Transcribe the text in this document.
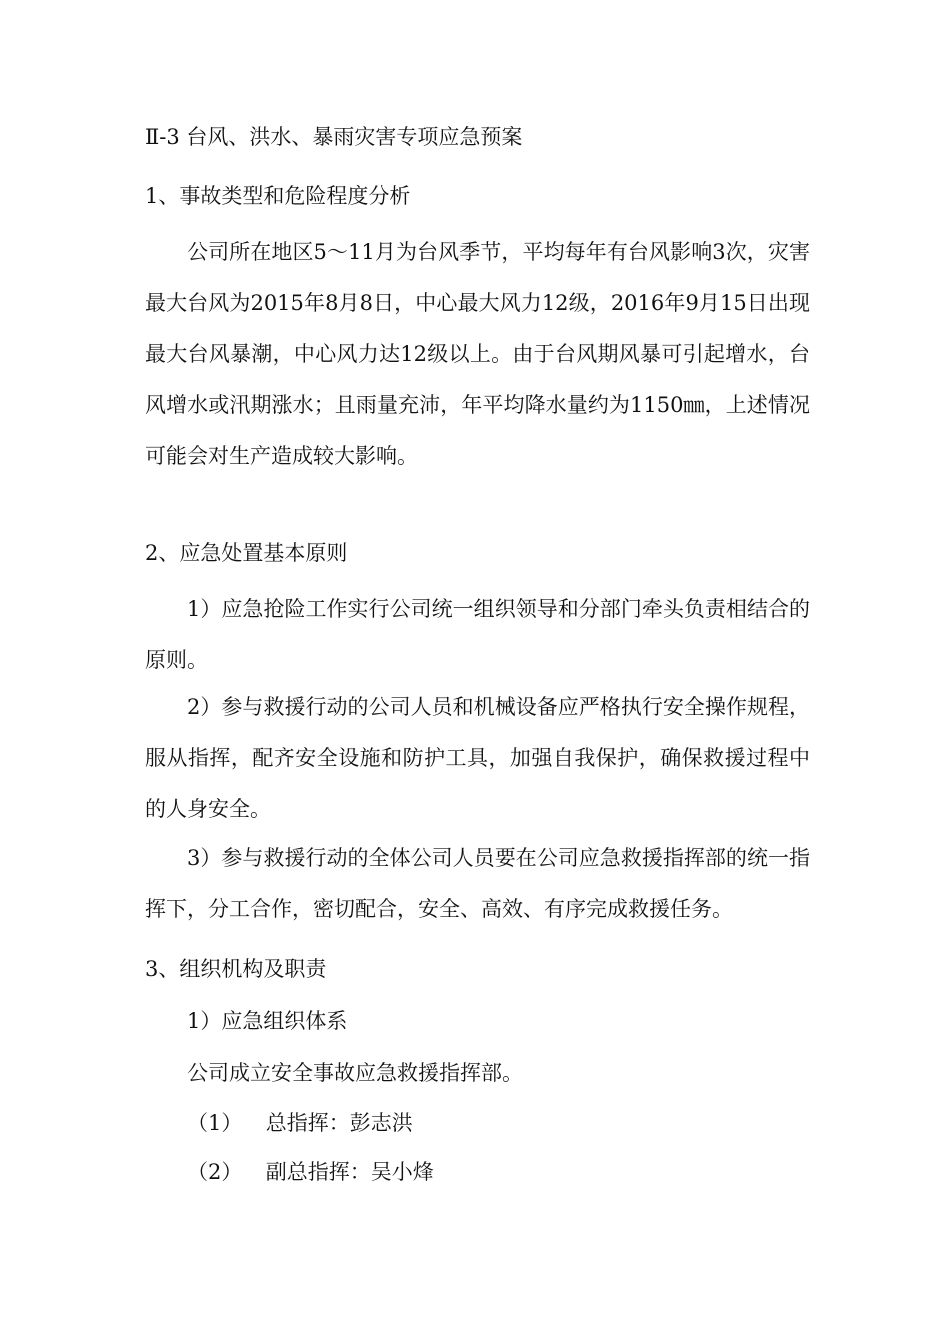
Ⅱ-3 台风、洪水、暴雨灾害专项应急预案
1、事故类型和危险程度分析
公司所在地区5～11月为台风季节，平均每年有台风影响3次，灾害最大台风为2015年8月8日，中心最大风力12级，2016年9月15日出现最大台风暴潮，中心风力达12级以上。由于台风期风暴可引起增水，台风增水或汛期涨水；且雨量充沛，年平均降水量约为1150㎜，上述情况可能会对生产造成较大影响。
2、应急处置基本原则
1）应急抢险工作实行公司统一组织领导和分部门牵头负责相结合的原则。
2）参与救援行动的公司人员和机械设备应严格执行安全操作规程，服从指挥，配齐安全设施和防护工具，加强自我保护，确保救援过程中的人身安全。
3）参与救援行动的全体公司人员要在公司应急救援指挥部的统一指挥下，分工合作，密切配合，安全、高效、有序完成救援任务。
3、组织机构及职责
1）应急组织体系
公司成立安全事故应急救援指挥部。
（1） 总指挥：彭志洪
（2） 副总指挥：吴小烽
